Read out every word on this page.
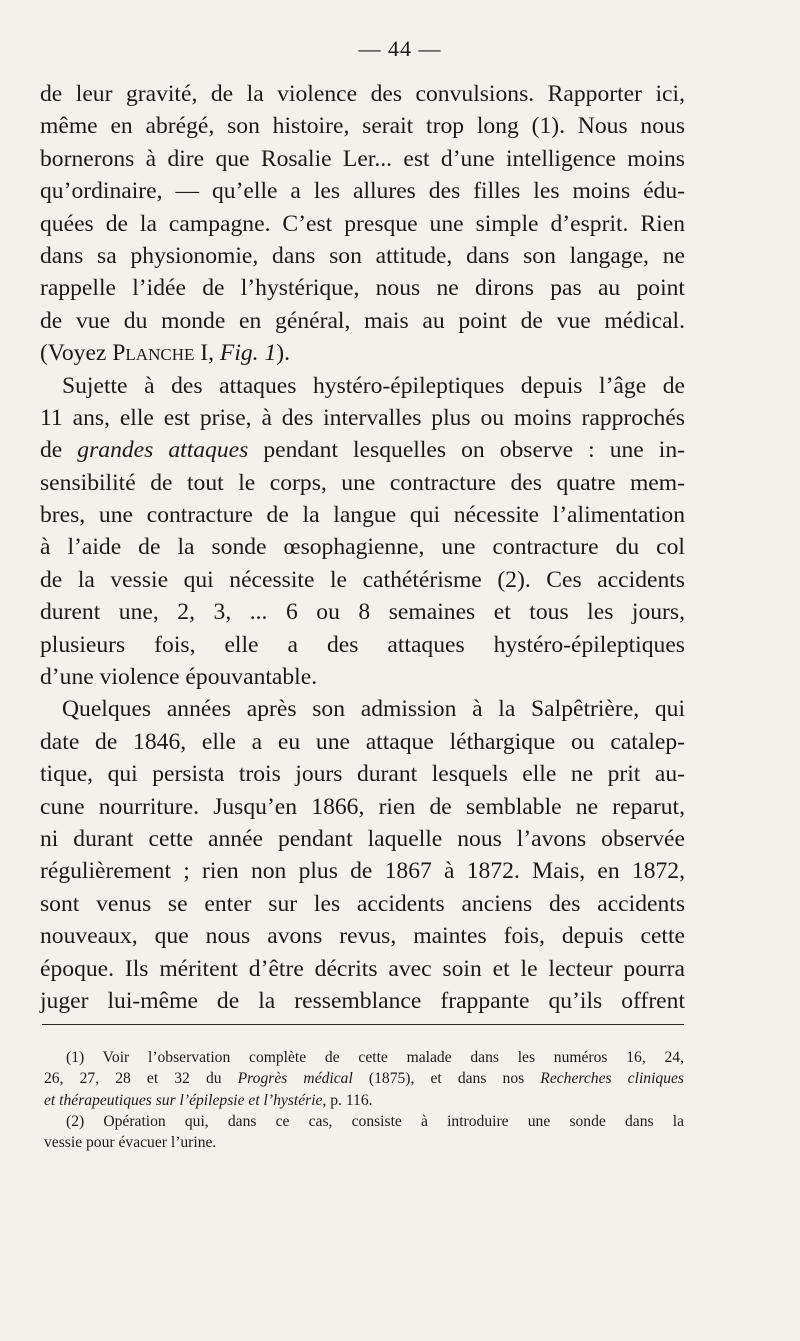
— 44 —
de leur gravité, de la violence des convulsions. Rapporter ici,
même en abrégé, son histoire, serait trop long (1). Nous nous
bornerons à dire que Rosalie Ler... est d’une intelligence moins
qu’ordinaire, — qu’elle a les allures des filles les moins édu-
quées de la campagne. C’est presque une simple d’esprit. Rien
dans sa physionomie, dans son attitude, dans son langage, ne
rappelle l’idée de l’hystérique, nous ne dirons pas au point
de vue du monde en général, mais au point de vue médical.
(Voyez Planche I, Fig. 1).
Sujette à des attaques hystéro-épileptiques depuis l’âge de
11 ans, elle est prise, à des intervalles plus ou moins rapprochés
de grandes attaques pendant lesquelles on observe : une in-
sensibilité de tout le corps, une contracture des quatre mem-
bres, une contracture de la langue qui nécessite l’alimentation
à l’aide de la sonde œsophagienne, une contracture du col
de la vessie qui nécessite le cathétérisme (2). Ces accidents
durent une, 2, 3, ... 6 ou 8 semaines et tous les jours,
plusieurs fois, elle a des attaques hystéro-épileptiques
d’une violence épouvantable.
Quelques années après son admission à la Salpêtrière, qui
date de 1846, elle a eu une attaque léthargique ou catalep-
tique, qui persista trois jours durant lesquels elle ne prit au-
cune nourriture. Jusqu’en 1866, rien de semblable ne reparut,
ni durant cette année pendant laquelle nous l’avons observée
régulièrement ; rien non plus de 1867 à 1872. Mais, en 1872,
sont venus se enter sur les accidents anciens des accidents
nouveaux, que nous avons revus, maintes fois, depuis cette
époque. Ils méritent d’être décrits avec soin et le lecteur pourra
juger lui-même de la ressemblance frappante qu’ils offrent
(1) Voir l’observation complète de cette malade dans les numéros 16, 24,
26, 27, 28 et 32 du Progrès médical (1875), et dans nos Recherches cliniques
et thérapeutiques sur l’épilepsie et l’hystérie, p. 116.
(2) Opération qui, dans ce cas, consiste à introduire une sonde dans la
vessie pour évacuer l’urine.
